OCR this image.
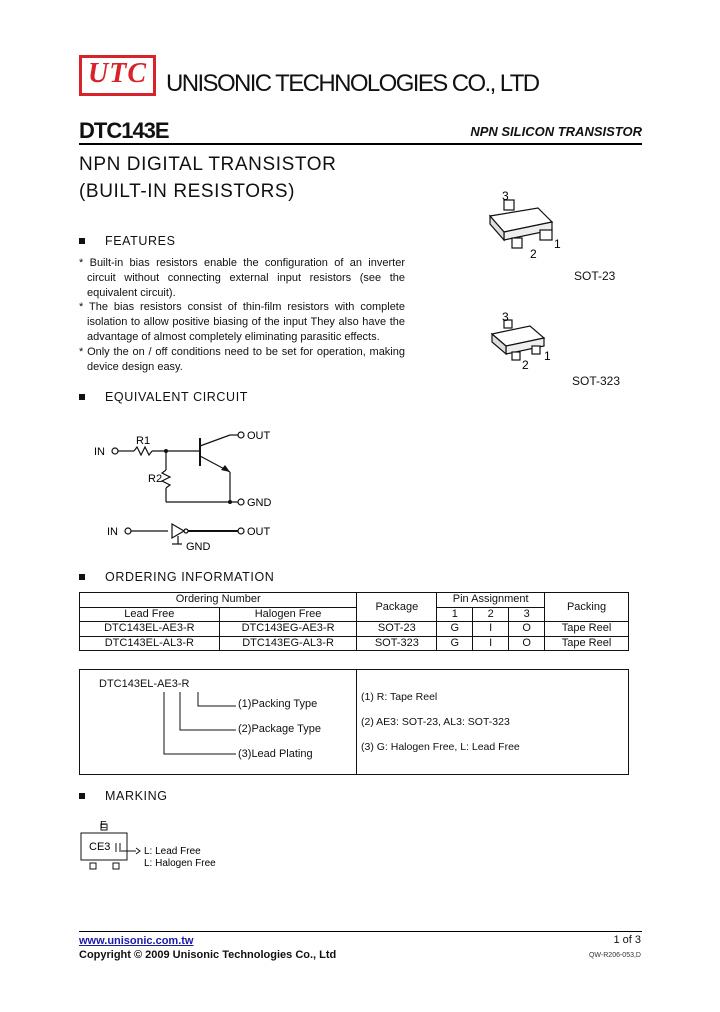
UTC UNISONIC TECHNOLOGIES CO., LTD
DTC143E	NPN SILICON TRANSISTOR
NPN DIGITAL TRANSISTOR
(BUILT-IN RESISTORS)
FEATURES

* Built-in bias resistors enable the configuration of an inverter circuit without connecting external input resistors (see the equivalent circuit).

* The bias resistors consist of thin-film resistors with complete isolation to allow positive biasing of the input They also have the advantage of almost completely eliminating parasitic effects.

* Only the on / off conditions need to be set for operation, making device design easy.

3
2
1
SOT-23
3
2
1
SOT-323
EQUIVALENT CIRCUIT
IN
R1
R2
OUT
GND
IN	OUT
GND
ORDERING INFORMATION
Ordering Number		Package	Pin Assignment			Packing
Lead Free	Halogen Free		1	2	3	
DTC143EL-AE3-R	DTC143EG-AE3-R	SOT-23	G	I	O	Tape Reel
DTC143EL-AL3-R	DTC143EG-AL3-R	SOT-323	G	I	O	Tape Reel
DTC143EL-AE3-R
(1)Packing Type
(2)Package Type
(3)Lead Plating
(1) R: Tape Reel
(2) AE3: SOT-23, AL3: SOT-323
(3) G: Halogen Free, L: Lead Free
MARKING
E
CE3	L: Lead Free
L: Halogen Free
www.unisonic.com.tw
Copyright © 2009 Unisonic Technologies Co., Ltd
1 of 3
QW-R206-053,D
